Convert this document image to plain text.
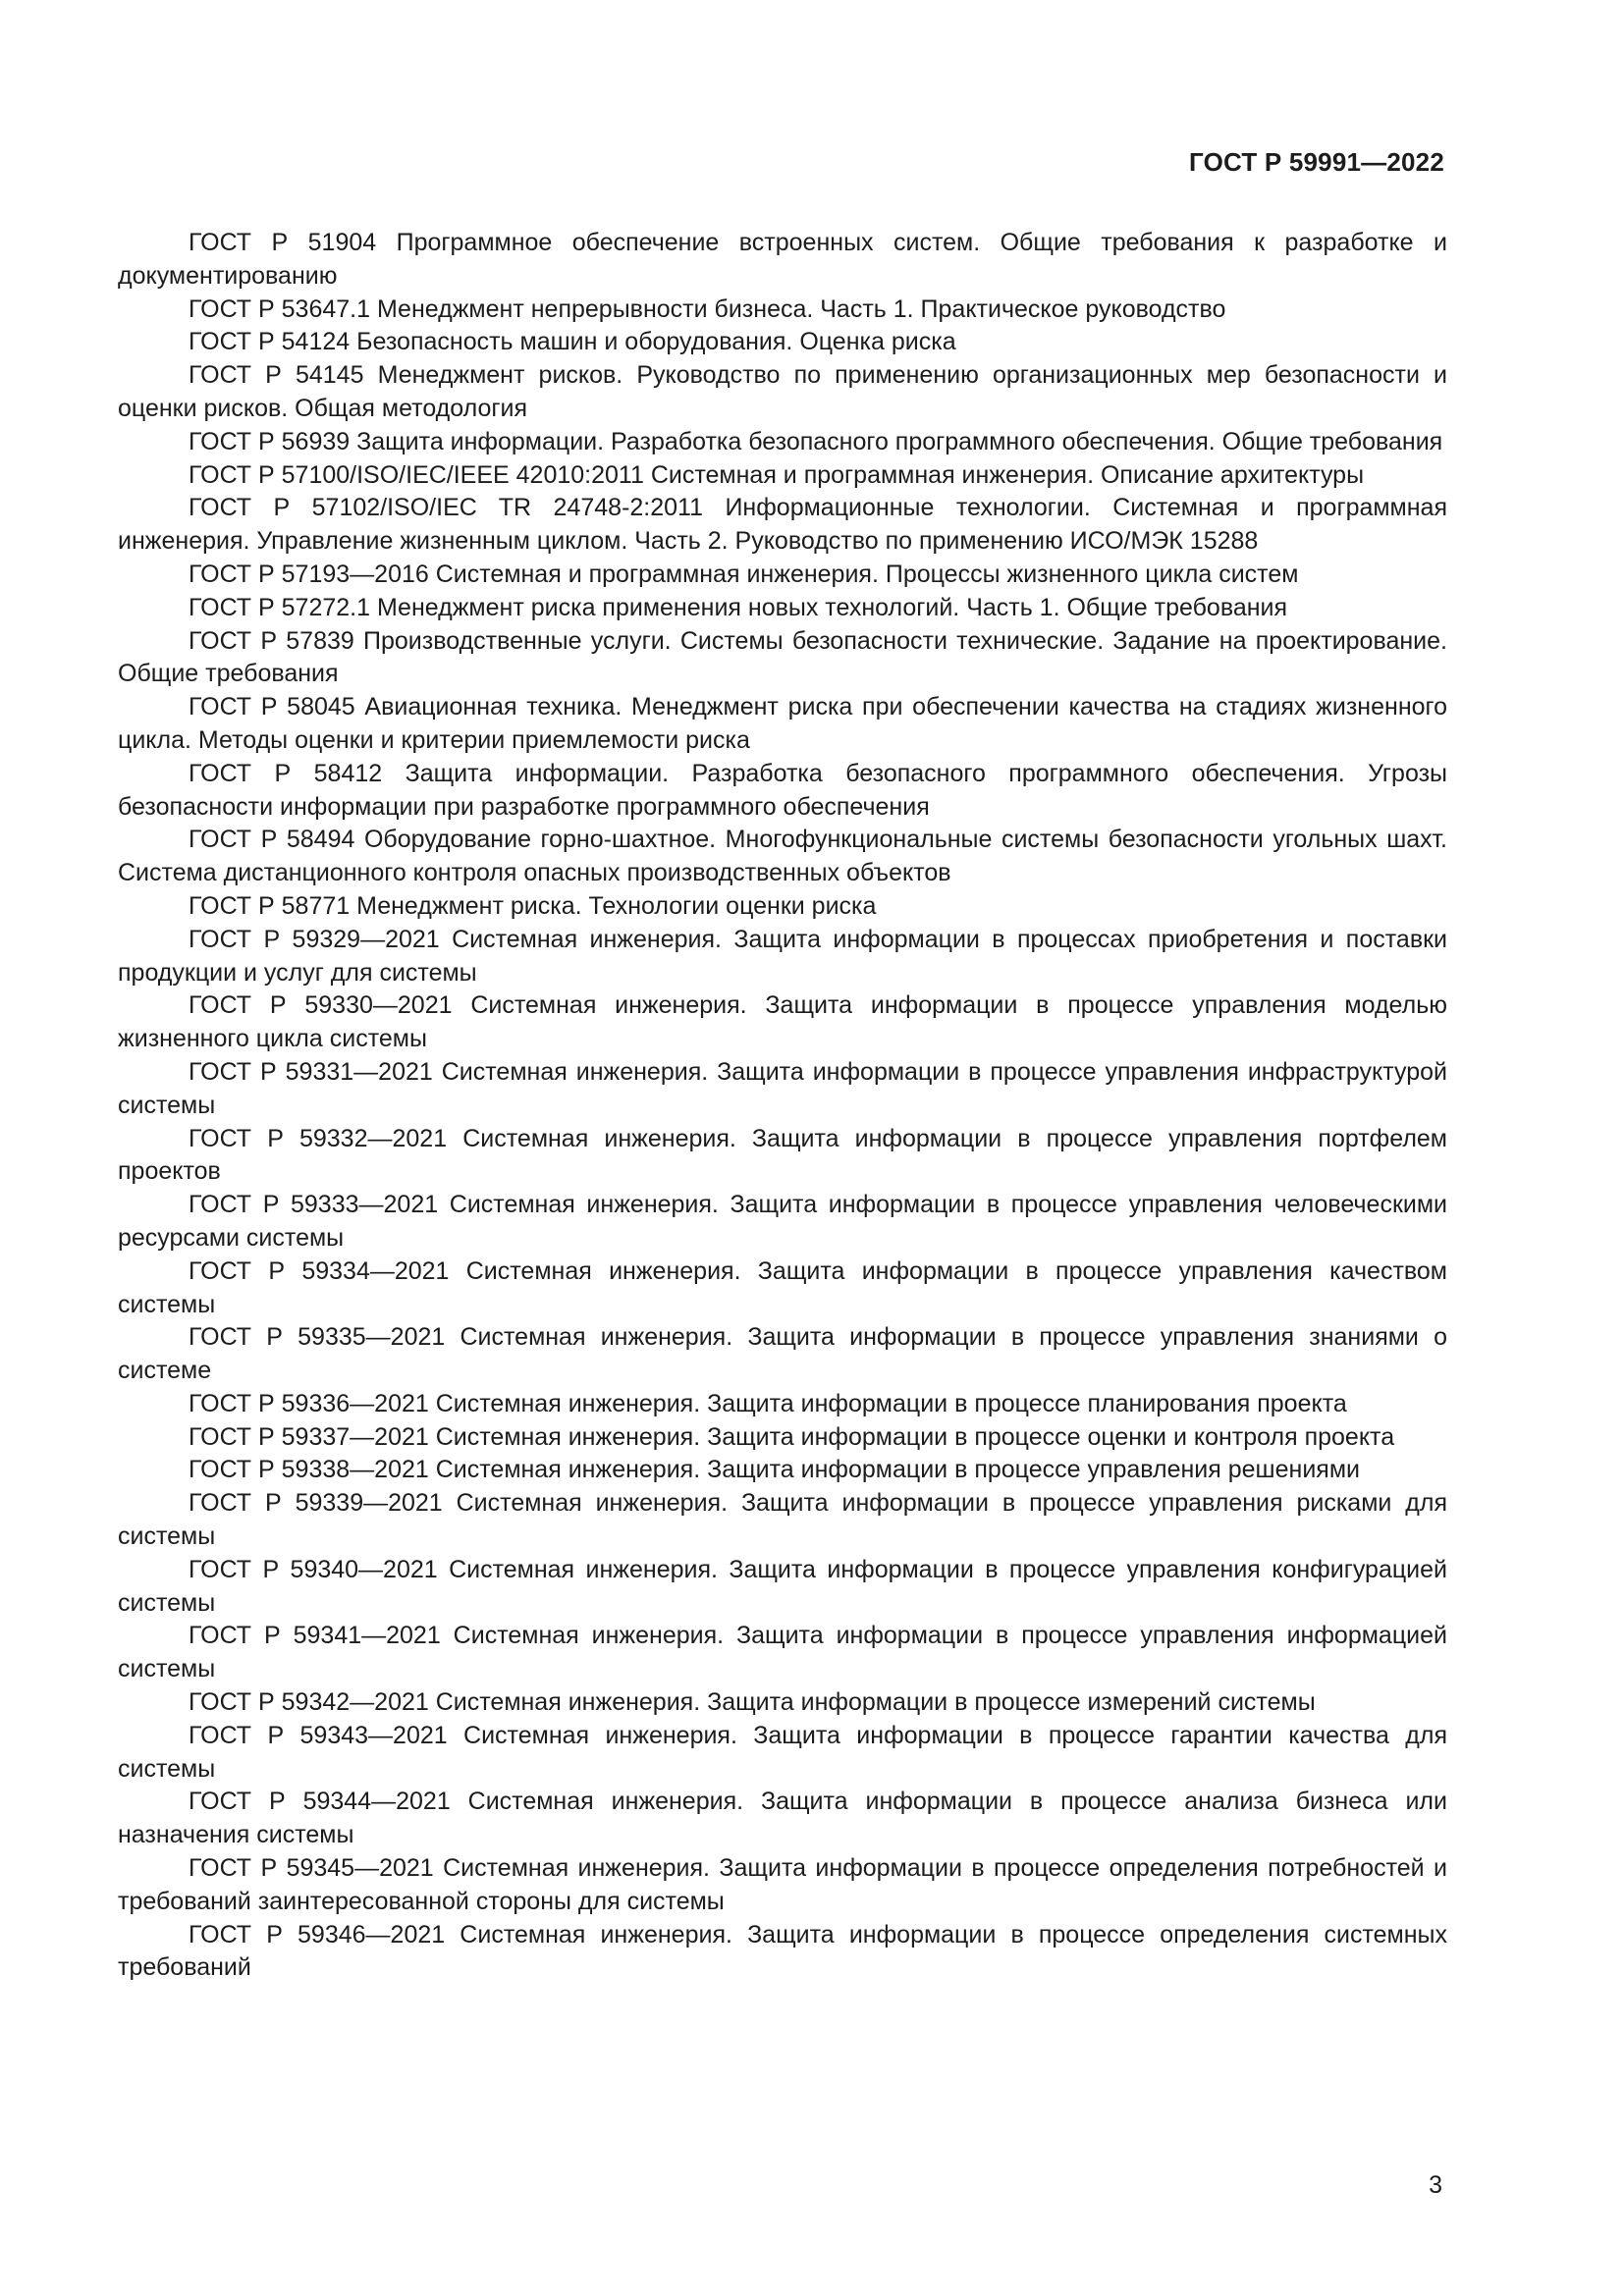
ГОСТ Р 59991—2022

ГОСТ Р 51904 Программное обеспечение встроенных систем. Общие требования к разработке и документированию

ГОСТ Р 53647.1 Менеджмент непрерывности бизнеса. Часть 1. Практическое руководство

ГОСТ Р 54124 Безопасность машин и оборудования. Оценка риска

ГОСТ Р 54145 Менеджмент рисков. Руководство по применению организационных мер безопасности и оценки рисков. Общая методология

ГОСТ Р 56939 Защита информации. Разработка безопасного программного обеспечения. Общие требования

ГОСТ Р 57100/ISO/IEC/IEEE 42010:2011 Системная и программная инженерия. Описание архитектуры

ГОСТ Р 57102/ISO/IEC TR 24748-2:2011 Информационные технологии. Системная и программная инженерия. Управление жизненным циклом. Часть 2. Руководство по применению ИСО/МЭК 15288

ГОСТ Р 57193—2016 Системная и программная инженерия. Процессы жизненного цикла систем

ГОСТ Р 57272.1 Менеджмент риска применения новых технологий. Часть 1. Общие требования

ГОСТ Р 57839 Производственные услуги. Системы безопасности технические. Задание на проектирование. Общие требования

ГОСТ Р 58045 Авиационная техника. Менеджмент риска при обеспечении качества на стадиях жизненного цикла. Методы оценки и критерии приемлемости риска

ГОСТ Р 58412 Защита информации. Разработка безопасного программного обеспечения. Угрозы безопасности информации при разработке программного обеспечения

ГОСТ Р 58494 Оборудование горно-шахтное. Многофункциональные системы безопасности угольных шахт. Система дистанционного контроля опасных производственных объектов

ГОСТ Р 58771 Менеджмент риска. Технологии оценки риска

ГОСТ Р 59329—2021 Системная инженерия. Защита информации в процессах приобретения и поставки продукции и услуг для системы

ГОСТ Р 59330—2021 Системная инженерия. Защита информации в процессе управления моделью жизненного цикла системы

ГОСТ Р 59331—2021 Системная инженерия. Защита информации в процессе управления инфраструктурой системы

ГОСТ Р 59332—2021 Системная инженерия. Защита информации в процессе управления портфелем проектов

ГОСТ Р 59333—2021 Системная инженерия. Защита информации в процессе управления человеческими ресурсами системы

ГОСТ Р 59334—2021 Системная инженерия. Защита информации в процессе управления качеством системы

ГОСТ Р 59335—2021 Системная инженерия. Защита информации в процессе управления знаниями о системе

ГОСТ Р 59336—2021 Системная инженерия. Защита информации в процессе планирования проекта

ГОСТ Р 59337—2021 Системная инженерия. Защита информации в процессе оценки и контроля проекта

ГОСТ Р 59338—2021 Системная инженерия. Защита информации в процессе управления решениями

ГОСТ Р 59339—2021 Системная инженерия. Защита информации в процессе управления рисками для системы

ГОСТ Р 59340—2021 Системная инженерия. Защита информации в процессе управления конфигурацией системы

ГОСТ Р 59341—2021 Системная инженерия. Защита информации в процессе управления информацией системы

ГОСТ Р 59342—2021 Системная инженерия. Защита информации в процессе измерений системы

ГОСТ Р 59343—2021 Системная инженерия. Защита информации в процессе гарантии качества для системы

ГОСТ Р 59344—2021 Системная инженерия. Защита информации в процессе анализа бизнеса или назначения системы

ГОСТ Р 59345—2021 Системная инженерия. Защита информации в процессе определения потребностей и требований заинтересованной стороны для системы

ГОСТ Р 59346—2021 Системная инженерия. Защита информации в процессе определения системных требований

3
